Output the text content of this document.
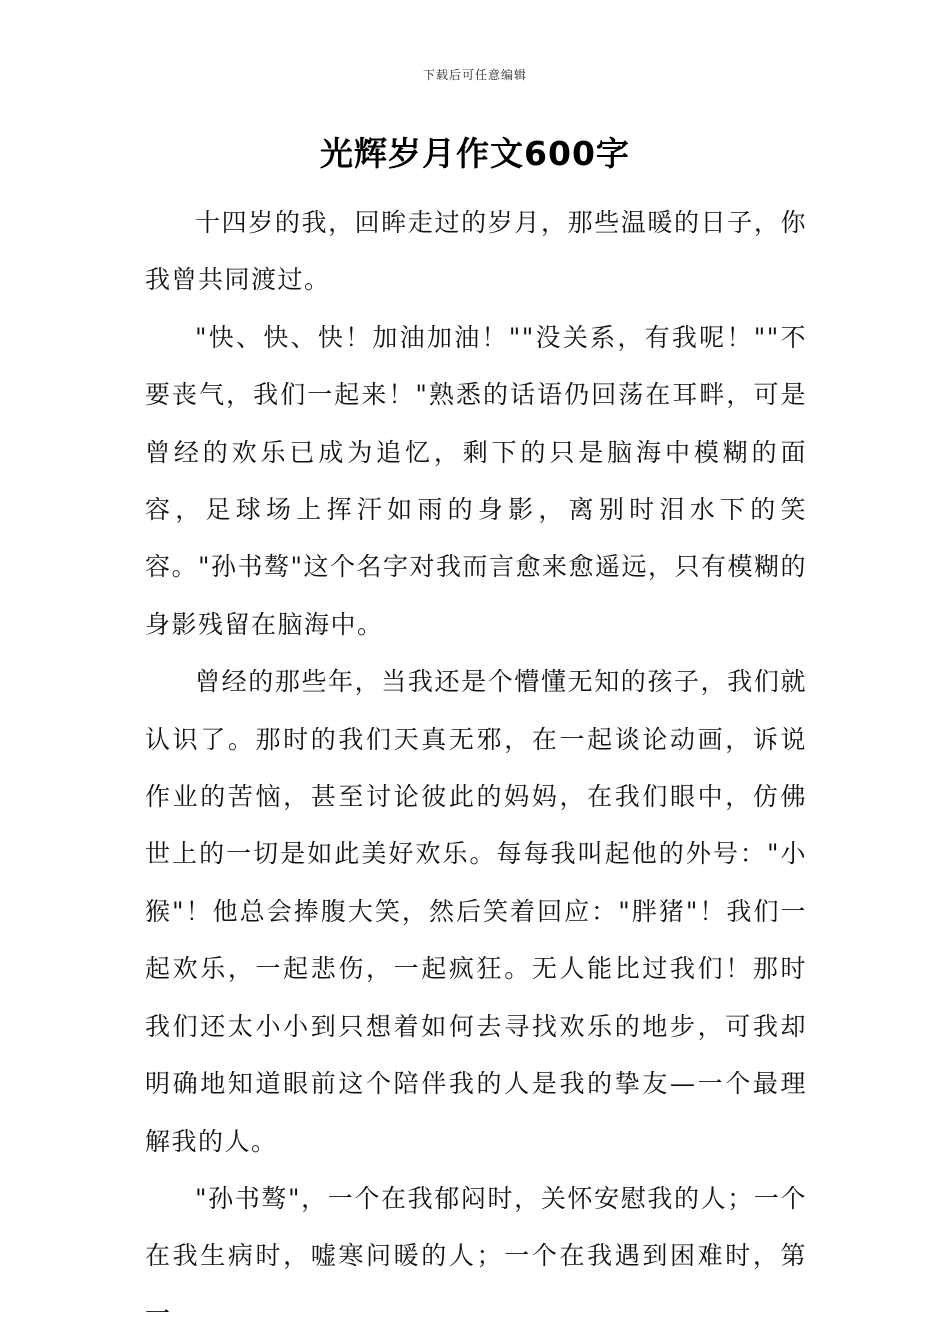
下载后可任意编辑
光辉岁月作文600字

十四岁的我，回眸走过的岁月，那些温暖的日子，你我曾共同渡过。

"快、快、快！加油加油！""没关系，有我呢！""不要丧气，我们一起来！"熟悉的话语仍回荡在耳畔，可是曾经的欢乐已成为追忆，剩下的只是脑海中模糊的面容，足球场上挥汗如雨的身影，离别时泪水下的笑容。"孙书骜"这个名字对我而言愈来愈遥远，只有模糊的身影残留在脑海中。

曾经的那些年，当我还是个懵懂无知的孩子，我们就认识了。那时的我们天真无邪，在一起谈论动画，诉说作业的苦恼，甚至讨论彼此的妈妈，在我们眼中，仿佛世上的一切是如此美好欢乐。每每我叫起他的外号："小猴"！他总会捧腹大笑，然后笑着回应："胖猪"！我们一起欢乐，一起悲伤，一起疯狂。无人能比过我们！那时我们还太小小到只想着如何去寻找欢乐的地步，可我却明确地知道眼前这个陪伴我的人是我的挚友—一个最理解我的人。

"孙书骜"，一个在我郁闷时，关怀安慰我的人；一个在我生病时，嘘寒问暖的人；一个在我遇到困难时，第一
